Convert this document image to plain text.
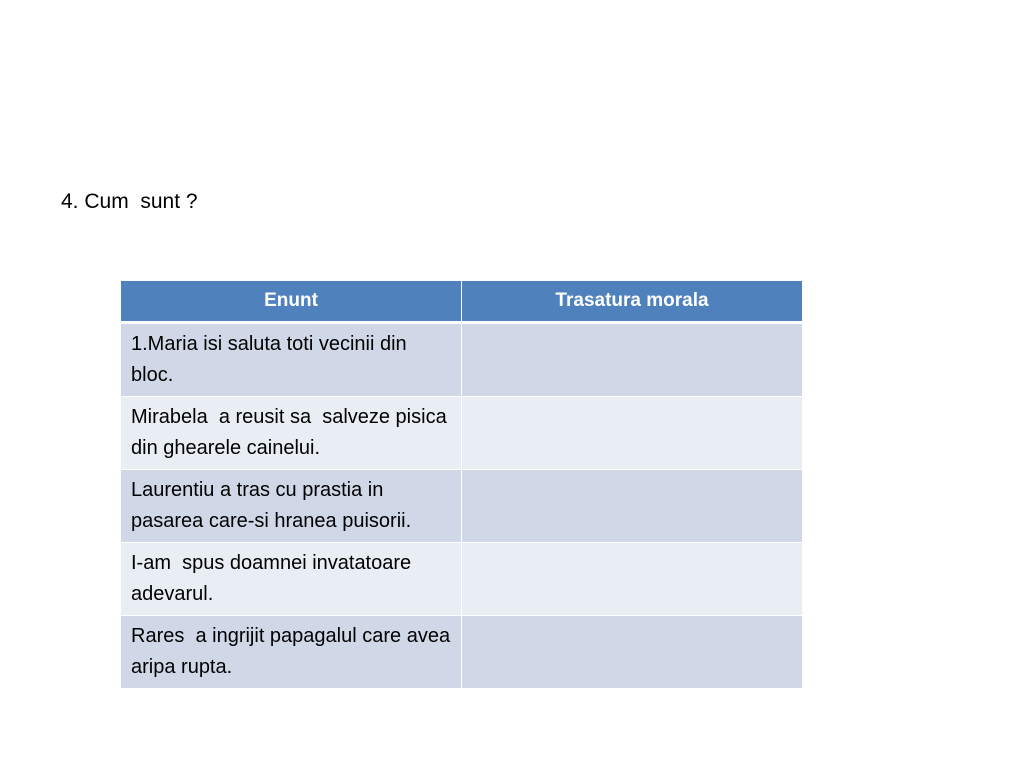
4. Cum  sunt ?
Enunt	Trasatura morala
1.Maria isi saluta toti vecinii din bloc.	
Mirabela  a reusit sa  salveze pisica din ghearele cainelui.	
Laurentiu a tras cu prastia in pasarea care-si hranea puisorii.	
I-am  spus doamnei invatatoare adevarul.	
Rares  a ingrijit papagalul care avea aripa rupta.	
